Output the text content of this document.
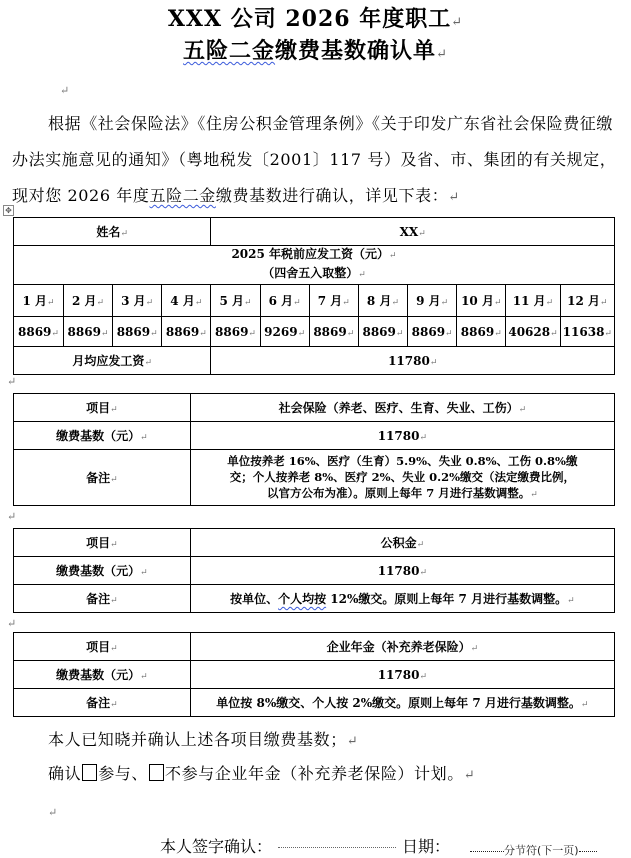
XXX 公司 2026 年度职工↵
五险二金缴费基数确认单↵
↵
根据《社会保险法》《住房公积金管理条例》《关于印发广东省社会保险费征缴办法实施意见的通知》（粤地税发〔2001〕117 号）及省、市、集团的有关规定，现对您 2026 年度五险二金缴费基数进行确认，详见下表：↵
✥
姓名↵				XX↵							
2025 年税前应发工资（元）↵
（四舍五入取整）↵											
1 月↵	2 月↵	3 月↵	4 月↵	5 月↵	6 月↵	7 月↵	8 月↵	9 月↵	10 月↵	11 月↵	12 月↵
8869↵	8869↵	8869↵	8869↵	8869↵	9269↵	8869↵	8869↵	8869↵	8869↵	40628↵	11638↵
月均应发工资↵				11780↵							
↵
项目↵	社会保险（养老、医疗、生育、失业、工伤）↵
缴费基数（元）↵	11780↵
备注↵	单位按养老 16%、医疗（生育）5.9%、失业 0.8%、工伤 0.8%缴
交；个人按养老 8%、医疗 2%、失业 0.2%缴交（法定缴费比例，
以官方公布为准）。原则上每年 7 月进行基数调整。↵
↵
项目↵	公积金↵
缴费基数（元）↵	11780↵
备注↵	按单位、个人均按 12%缴交。原则上每年 7 月进行基数调整。↵
↵
项目↵	企业年金（补充养老保险）↵
缴费基数（元）↵	11780↵
备注↵	单位按 8%缴交、个人按 2%缴交。原则上每年 7 月进行基数调整。↵
本人已知晓并确认上述各项目缴费基数；↵
确认 参与、 不参与企业年金（补充养老保险）计划。↵
↵
本人签字确认：	日期：	分节符(下一页)
